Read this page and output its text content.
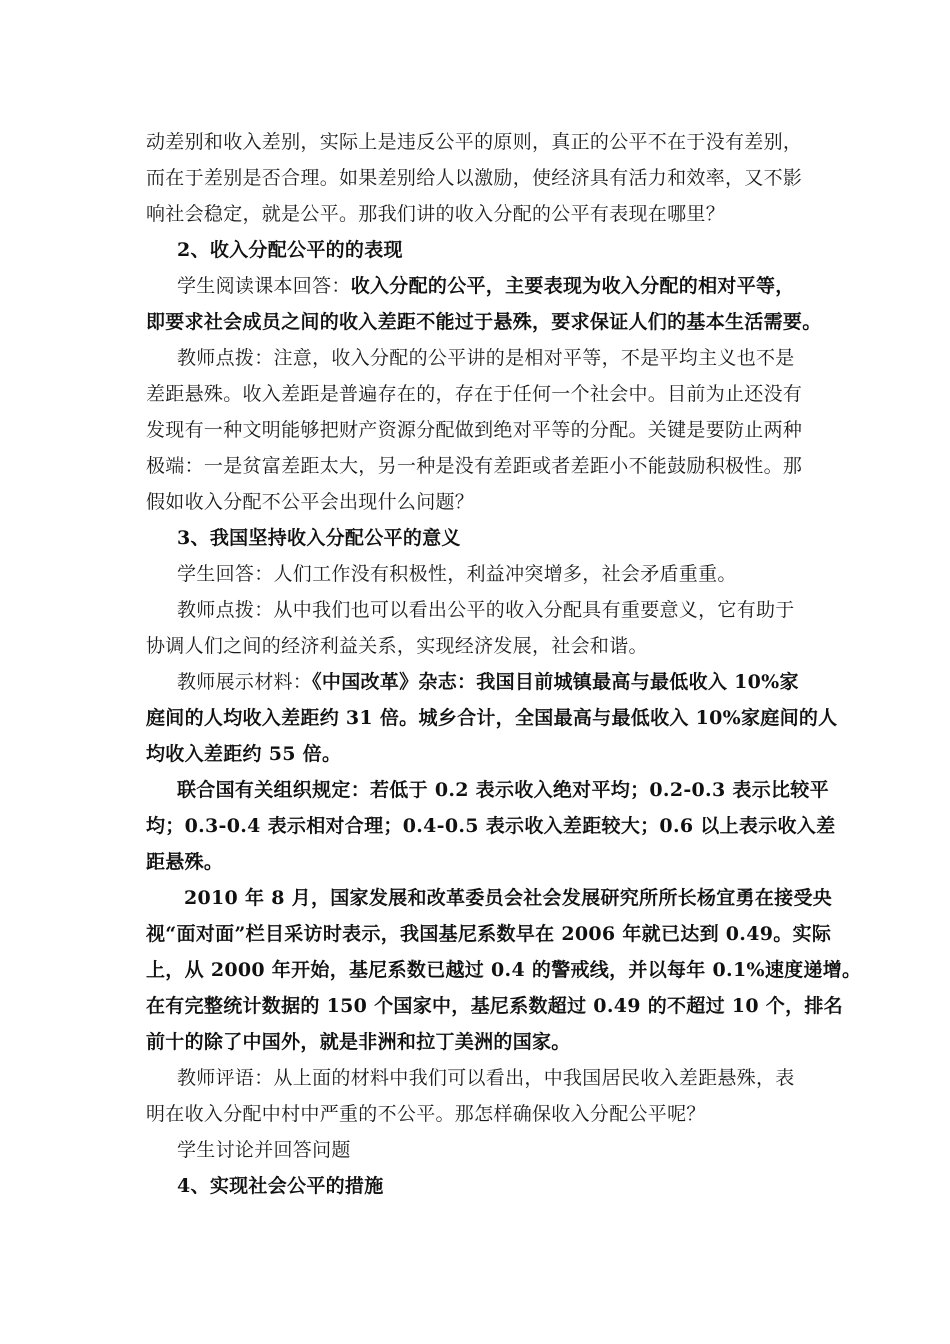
动差别和收入差别，实际上是违反公平的原则，真正的公平不在于没有差别，
而在于差别是否合理。如果差别给人以激励，使经济具有活力和效率，又不影
响社会稳定，就是公平。那我们讲的收入分配的公平有表现在哪里？
2、收入分配公平的的表现
学生阅读课本回答：收入分配的公平，主要表现为收入分配的相对平等，
即要求社会成员之间的收入差距不能过于悬殊，要求保证人们的基本生活需要。
教师点拨：注意，收入分配的公平讲的是相对平等，不是平均主义也不是
差距悬殊。收入差距是普遍存在的，存在于任何一个社会中。目前为止还没有
发现有一种文明能够把财产资源分配做到绝对平等的分配。关键是要防止两种
极端：一是贫富差距太大，另一种是没有差距或者差距小不能鼓励积极性。那
假如收入分配不公平会出现什么问题？
3、我国坚持收入分配公平的意义
学生回答：人们工作没有积极性，利益冲突增多，社会矛盾重重。
教师点拨：从中我们也可以看出公平的收入分配具有重要意义，它有助于
协调人们之间的经济利益关系，实现经济发展，社会和谐。
教师展示材料：《中国改革》杂志：我国目前城镇最高与最低收入 10%家
庭间的人均收入差距约 31 倍。城乡合计，全国最高与最低收入 10%家庭间的人
均收入差距约 55 倍。
联合国有关组织规定：若低于 0.2 表示收入绝对平均；0.2-0.3 表示比较平
均；0.3-0.4 表示相对合理；0.4-0.5 表示收入差距较大；0.6 以上表示收入差
距悬殊。
2010 年 8 月，国家发展和改革委员会社会发展研究所所长杨宜勇在接受央
视“面对面”栏目采访时表示，我国基尼系数早在 2006 年就已达到 0.49。实际
上，从 2000 年开始，基尼系数已越过 0.4 的警戒线，并以每年 0.1%速度递增。
在有完整统计数据的 150 个国家中，基尼系数超过 0.49 的不超过 10 个，排名
前十的除了中国外，就是非洲和拉丁美洲的国家。
教师评语：从上面的材料中我们可以看出，中我国居民收入差距悬殊，表
明在收入分配中村中严重的不公平。那怎样确保收入分配公平呢？
学生讨论并回答问题
4、实现社会公平的措施
